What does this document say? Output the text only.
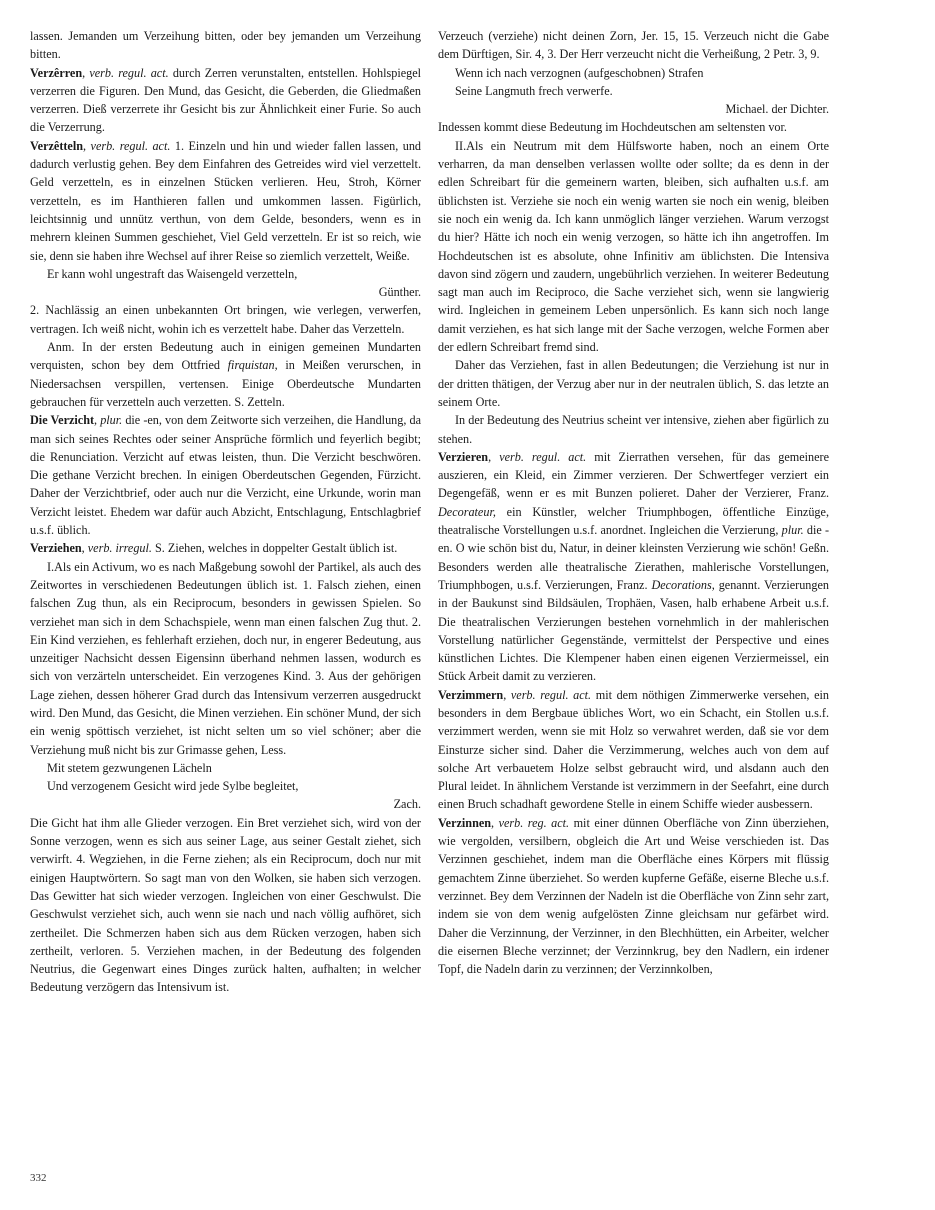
lassen. Jemanden um Verzeihung bitten, oder bey jemanden um Verzeihung bitten.

Verzêrren, verb. regul. act. durch Zerren verunstalten, entstellen. Hohlspiegel verzerren die Figuren. Den Mund, das Gesicht, die Geberden, die Gliedmaßen verzerren. Dieß verzerrete ihr Gesicht bis zur Ähnlichkeit einer Furie. So auch die Verzerrung.

Verzêtteln, verb. regul. act. 1. Einzeln und hin und wieder fallen lassen, und dadurch verlustig gehen. Bey dem Einfahren des Getreides wird viel verzettelt. Geld verzetteln, es in einzelnen Stücken verlieren. Heu, Stroh, Körner verzetteln, es im Hanthieren fallen und umkommen lassen. Figürlich, leichtsinnig und unnütz verthun, von dem Gelde, besonders, wenn es in mehrern kleinen Summen geschiehet, Viel Geld verzetteln. Er ist so reich, wie sie, denn sie haben ihre Wechsel auf ihrer Reise so ziemlich verzettelt, Weiße.

Er kann wohl ungestraft das Waisengeld verzetteln,

Günther.

2. Nachlässig an einen unbekannten Ort bringen, wie verlegen, verwerfen, vertragen. Ich weiß nicht, wohin ich es verzettelt habe. Daher das Verzetteln.

Anm. In der ersten Bedeutung auch in einigen gemeinen Mundarten verquisten, schon bey dem Ottfried firquistan, in Meißen verurschen, in Niedersachsen verspillen, vertensen. Einige Oberdeutsche Mundarten gebrauchen für verzetteln auch verzetten. S. Zetteln.

Die Verzicht, plur. die -en, von dem Zeitworte sich verzeihen, die Handlung, da man sich seines Rechtes oder seiner Ansprüche förmlich und feyerlich begibt; die Renunciation. Verzicht auf etwas leisten, thun. Die Verzicht beschwören. Die gethane Verzicht brechen. In einigen Oberdeutschen Gegenden, Fürzicht. Daher der Verzichtbrief, oder auch nur die Verzicht, eine Urkunde, worin man Verzicht leistet. Ehedem war dafür auch Abzicht, Entschlagung, Entschlagbrief u.s.f. üblich.

Verziehen, verb. irregul. S. Ziehen, welches in doppelter Gestalt üblich ist.

I.Als ein Activum, wo es nach Maßgebung sowohl der Partikel, als auch des Zeitwortes in verschiedenen Bedeutungen üblich ist. 1. Falsch ziehen, einen falschen Zug thun, als ein Reciprocum, besonders in gewissen Spielen. So verziehet man sich in dem Schachspiele, wenn man einen falschen Zug thut. 2. Ein Kind verziehen, es fehlerhaft erziehen, doch nur, in engerer Bedeutung, aus unzeitiger Nachsicht dessen Eigensinn überhand nehmen lassen, wodurch es sich von verzärteln unterscheidet. Ein verzogenes Kind. 3. Aus der gehörigen Lage ziehen, dessen höherer Grad durch das Intensivum verzerren ausgedruckt wird. Den Mund, das Gesicht, die Minen verziehen. Ein schöner Mund, der sich ein wenig spöttisch verziehet, ist nicht selten um so viel schöner; aber die Verziehung muß nicht bis zur Grimasse gehen, Less.

Mit stetem gezwungenen Lächeln

Und verzogenem Gesicht wird jede Sylbe begleitet,

Zach.

Die Gicht hat ihm alle Glieder verzogen. Ein Bret verziehet sich, wird von der Sonne verzogen, wenn es sich aus seiner Lage, aus seiner Gestalt ziehet, sich verwirft. 4. Wegziehen, in die Ferne ziehen; als ein Reciprocum, doch nur mit einigen Hauptwörtern. So sagt man von den Wolken, sie haben sich verzogen. Das Gewitter hat sich wieder verzogen. Ingleichen von einer Geschwulst. Die Geschwulst verziehet sich, auch wenn sie nach und nach völlig aufhöret, sich zertheilet. Die Schmerzen haben sich aus dem Rücken verzogen, haben sich zertheilt, verloren. 5. Verziehen machen, in der Bedeutung des folgenden Neutrius, die Gegenwart eines Dinges zurück halten, aufhalten; in welcher Bedeutung verzögern das Intensivum ist.

Verzeuch (verziehe) nicht deinen Zorn, Jer. 15, 15. Verzeuch nicht die Gabe dem Dürftigen, Sir. 4, 3. Der Herr verzeucht nicht die Verheißung, 2 Petr. 3, 9.

Wenn ich nach verzognen (aufgeschobnen) Strafen

Seine Langmuth frech verwerfe.

Michael. der Dichter.

Indessen kommt diese Bedeutung im Hochdeutschen am seltensten vor.

II.Als ein Neutrum mit dem Hülfsworte haben, noch an einem Orte verharren, da man denselben verlassen wollte oder sollte; da es denn in der edlen Schreibart für die gemeinern warten, bleiben, sich aufhalten u.s.f. am üblichsten ist. Verziehe sie noch ein wenig warten sie noch ein wenig, bleiben sie noch ein wenig da. Ich kann unmöglich länger verziehen. Warum verzogst du hier? Hätte ich noch ein wenig verzogen, so hätte ich ihn angetroffen. Im Hochdeutschen ist es absolute, ohne Infinitiv am üblichsten. Die Intensiva davon sind zögern und zaudern, ungebührlich verziehen. In weiterer Bedeutung sagt man auch im Reciproco, die Sache verziehet sich, wenn sie langwierig wird. Ingleichen in gemeinem Leben unpersönlich. Es kann sich noch lange damit verziehen, es hat sich lange mit der Sache verzogen, welche Formen aber der edlern Schreibart fremd sind.

Daher das Verziehen, fast in allen Bedeutungen; die Verziehung ist nur in der dritten thätigen, der Verzug aber nur in der neutralen üblich, S. das letzte an seinem Orte.

In der Bedeutung des Neutrius scheint ver intensive, ziehen aber figürlich zu stehen.

Verzieren, verb. regul. act. mit Zierrathen versehen, für das gemeinere auszieren, ein Kleid, ein Zimmer verzieren. Der Schwertfeger verziert ein Degengefäß, wenn er es mit Bunzen polieret. Daher der Verzierer, Franz. Decorateur, ein Künstler, welcher Triumphbogen, öffentliche Einzüge, theatralische Vorstellungen u.s.f. anordnet. Ingleichen die Verzierung, plur. die -en. O wie schön bist du, Natur, in deiner kleinsten Verzierung wie schön! Geßn. Besonders werden alle theatralische Zierathen, mahlerische Vorstellungen, Triumphbogen, u.s.f. Verzierungen, Franz. Decorations, genannt. Verzierungen in der Baukunst sind Bildsäulen, Trophäen, Vasen, halb erhabene Arbeit u.s.f. Die theatralischen Verzierungen bestehen vornehmlich in der mahlerischen Vorstellung natürlicher Gegenstände, vermittelst der Perspective und eines künstlichen Lichtes. Die Klempener haben einen eigenen Verziermeissel, ein Stück Arbeit damit zu verzieren.

Verzimmern, verb. regul. act. mit dem nöthigen Zimmerwerke versehen, ein besonders in dem Bergbaue übliches Wort, wo ein Schacht, ein Stollen u.s.f. verzimmert werden, wenn sie mit Holz so verwahret werden, daß sie vor dem Einsturze sicher sind. Daher die Verzimmerung, welches auch von dem auf solche Art verbauetem Holze selbst gebraucht wird, und alsdann auch den Plural leidet. In ähnlichem Verstande ist verzimmern in der Seefahrt, eine durch einen Bruch schadhaft gewordene Stelle in einem Schiffe wieder ausbessern.

Verzinnen, verb. reg. act. mit einer dünnen Oberfläche von Zinn überziehen, wie vergolden, versilbern, obgleich die Art und Weise verschieden ist. Das Verzinnen geschiehet, indem man die Oberfläche eines Körpers mit flüssig gemachtem Zinne überziehet. So werden kupferne Gefäße, eiserne Bleche u.s.f. verzinnet. Bey dem Verzinnen der Nadeln ist die Oberfläche von Zinn sehr zart, indem sie von dem wenig aufgelösten Zinne gleichsam nur gefärbet wird. Daher die Verzinnung, der Verzinner, in den Blechhütten, ein Arbeiter, welcher die eisernen Bleche verzinnet; der Verzinnkrug, bey den Nadlern, ein irdener Topf, die Nadeln darin zu verzinnen; der Verzinnkolben,

332
